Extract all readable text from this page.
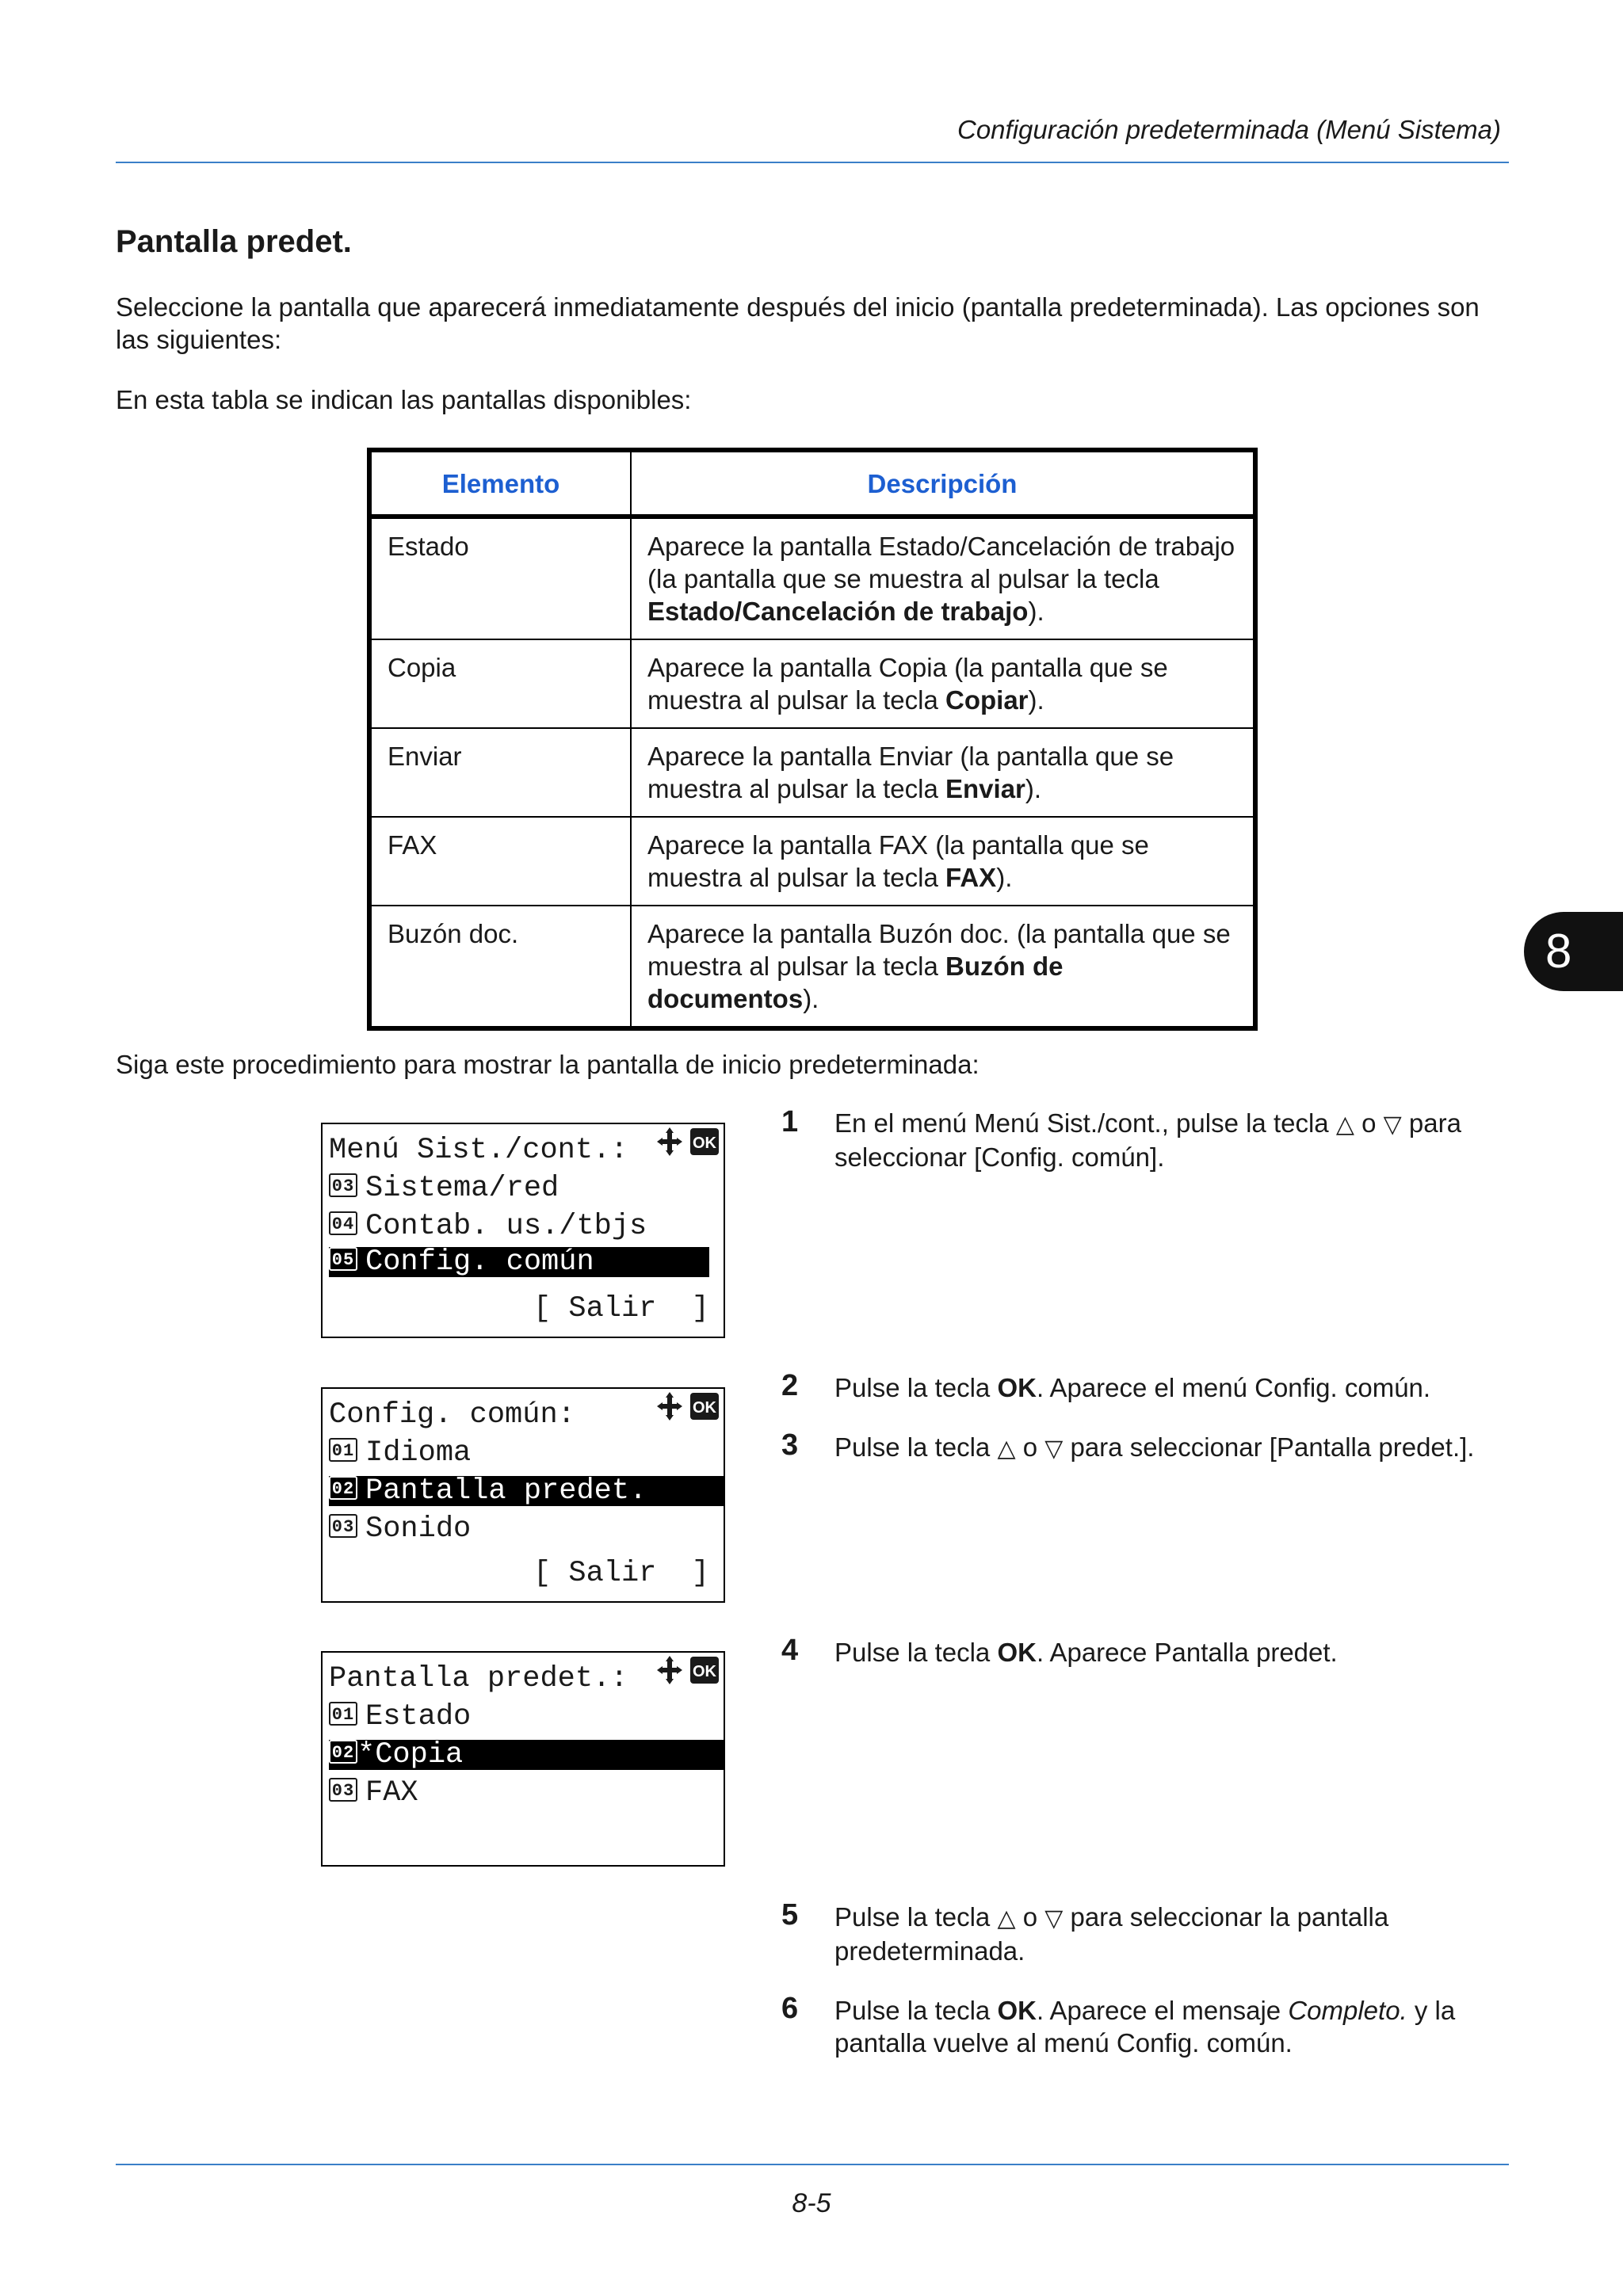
Configuración predeterminada (Menú Sistema)
Pantalla predet.

Seleccione la pantalla que aparecerá inmediatamente después del inicio (pantalla predeterminada). Las opciones son las siguientes:

En esta tabla se indican las pantallas disponibles:

Elemento	Descripción
Estado	Aparece la pantalla Estado/Cancelación de trabajo (la pantalla que se muestra al pulsar la tecla Estado/Cancelación de trabajo).
Copia	Aparece la pantalla Copia (la pantalla que se muestra al pulsar la tecla Copiar).
Enviar	Aparece la pantalla Enviar (la pantalla que se muestra al pulsar la tecla Enviar).
FAX	Aparece la pantalla FAX (la pantalla que se muestra al pulsar la tecla FAX).
Buzón doc.	Aparece la pantalla Buzón doc. (la pantalla que se muestra al pulsar la tecla Buzón de documentos).
8

Siga este procedimiento para mostrar la pantalla de inicio predeterminada:

Menú Sist./cont.:	OK
03 Sistema/red
04 Contab. us./tbjs
05 Config. común
[ Salir  ]
Config. común:	OK
01 Idioma
02 Pantalla predet.
03 Sonido
[ Salir  ]
Pantalla predet.:	OK
01 Estado
02 *Copia
03 FAX
1 En el menú Menú Sist./cont., pulse la tecla △ o ▽ para seleccionar [Config. común].

2 Pulse la tecla OK. Aparece el menú Config. común.

3 Pulse la tecla △ o ▽ para seleccionar [Pantalla predet.].

4 Pulse la tecla OK. Aparece Pantalla predet.

5 Pulse la tecla △ o ▽ para seleccionar la pantalla predeterminada.

6 Pulse la tecla OK. Aparece el mensaje Completo. y la pantalla vuelve al menú Config. común.

8-5
